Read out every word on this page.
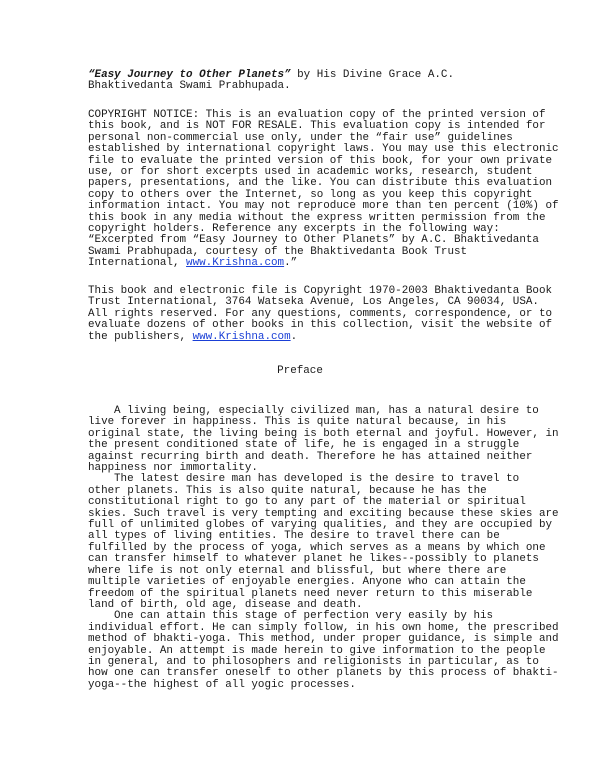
“Easy Journey to Other Planets” by His Divine Grace A.C.
Bhaktivedanta Swami Prabhupada.
COPYRIGHT NOTICE: This is an evaluation copy of the printed version of
this book, and is NOT FOR RESALE. This evaluation copy is intended for
personal non-commercial use only, under the “fair use” guidelines
established by international copyright laws. You may use this electronic
file to evaluate the printed version of this book, for your own private
use, or for short excerpts used in academic works, research, student
papers, presentations, and the like. You can distribute this evaluation
copy to others over the Internet, so long as you keep this copyright
information intact. You may not reproduce more than ten percent (10%) of
this book in any media without the express written permission from the
copyright holders. Reference any excerpts in the following way:
“Excerpted from “Easy Journey to Other Planets” by A.C. Bhaktivedanta
Swami Prabhupada, courtesy of the Bhaktivedanta Book Trust
International, www.Krishna.com.”
This book and electronic file is Copyright 1970-2003 Bhaktivedanta Book
Trust International, 3764 Watseka Avenue, Los Angeles, CA 90034, USA.
All rights reserved. For any questions, comments, correspondence, or to
evaluate dozens of other books in this collection, visit the website of
the publishers, www.Krishna.com.
Preface
A living being, especially civilized man, has a natural desire to
live forever in happiness. This is quite natural because, in his
original state, the living being is both eternal and joyful. However, in
the present conditioned state of life, he is engaged in a struggle
against recurring birth and death. Therefore he has attained neither
happiness nor immortality.
The latest desire man has developed is the desire to travel to
other planets. This is also quite natural, because he has the
constitutional right to go to any part of the material or spiritual
skies. Such travel is very tempting and exciting because these skies are
full of unlimited globes of varying qualities, and they are occupied by
all types of living entities. The desire to travel there can be
fulfilled by the process of yoga, which serves as a means by which one
can transfer himself to whatever planet he likes--possibly to planets
where life is not only eternal and blissful, but where there are
multiple varieties of enjoyable energies. Anyone who can attain the
freedom of the spiritual planets need never return to this miserable
land of birth, old age, disease and death.
One can attain this stage of perfection very easily by his
individual effort. He can simply follow, in his own home, the prescribed
method of bhakti-yoga. This method, under proper guidance, is simple and
enjoyable. An attempt is made herein to give information to the people
in general, and to philosophers and religionists in particular, as to
how one can transfer oneself to other planets by this process of bhakti-
yoga--the highest of all yogic processes.
